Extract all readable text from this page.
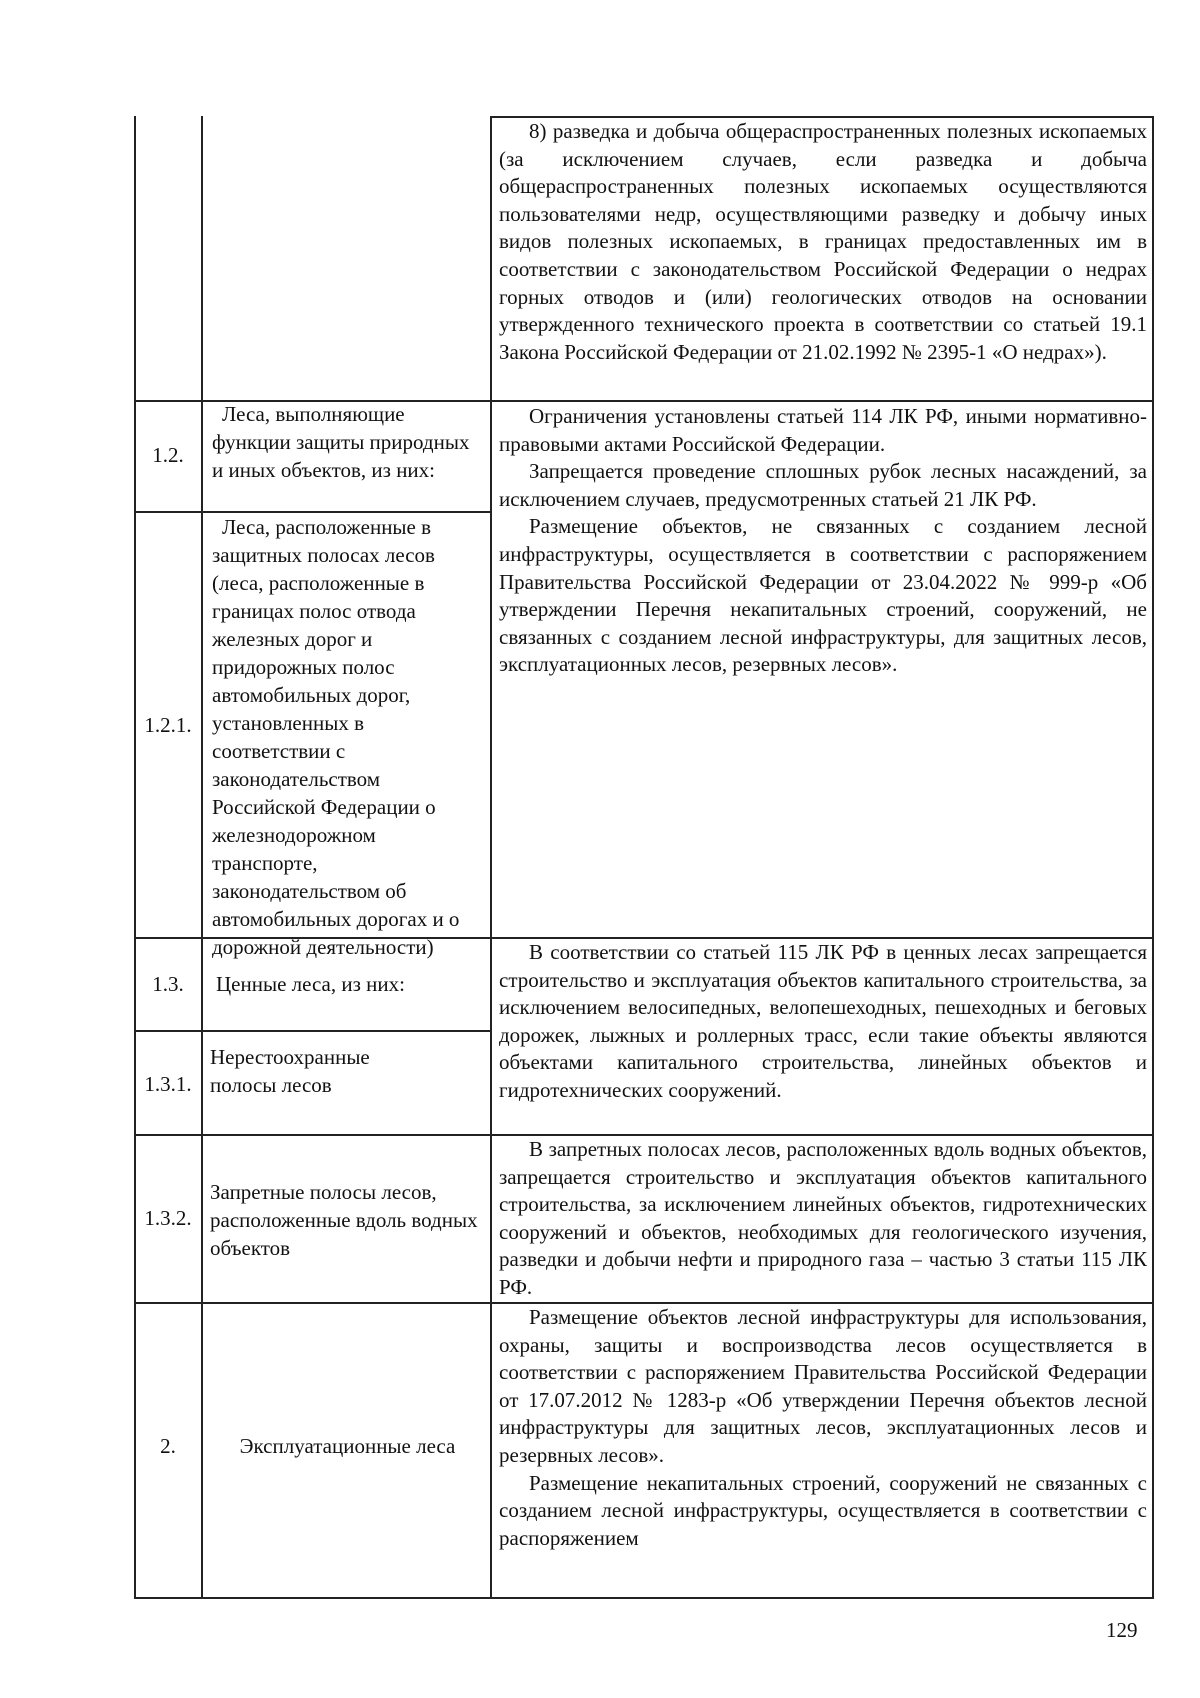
8) разведка и добыча общераспространенных полезных ископаемых (за исключением случаев, если разведка и добыча общераспространенных полезных ископаемых осуществляются пользователями недр, осуществляющими разведку и добычу иных видов полезных ископаемых, в границах предоставленных им в соответствии с законодательством Российской Федерации о недрах горных отводов и (или) геологических отводов на основании утвержденного технического проекта в соответствии со статьей 19.1 Закона Российской Федерации от 21.02.1992 № 2395-1 «О недрах»).

1.2.
Леса, выполняющие функции защиты природных и иных объектов, из них:
1.2.1.
Леса, расположенные в защитных полосах лесов (леса, расположенные в границах полос отвода железных дорог и придорожных полос автомобильных дорог, установленных в соответствии с законодательством Российской Федерации о железнодорожном транспорте, законодательством об автомобильных дорогах и о дорожной деятельности)

Ограничения установлены статьей 114 ЛК РФ, иными нормативно-правовыми актами Российской Федерации.

Запрещается проведение сплошных рубок лесных насаждений, за исключением случаев, предусмотренных статьей 21 ЛК РФ.

Размещение объектов, не связанных с созданием лесной инфраструктуры, осуществляется в соответствии с распоряжением Правительства Российской Федерации от 23.04.2022 № 999-р «Об утверждении Перечня некапитальных строений, сооружений, не связанных с созданием лесной инфраструктуры, для защитных лесов, эксплуатационных лесов, резервных лесов».

1.3.	Ценные леса, из них:
1.3.1.
Нерестоохранные полосы лесов

В соответствии со статьей 115 ЛК РФ в ценных лесах запрещается строительство и эксплуатация объектов капитального строительства, за исключением велосипедных, велопешеходных, пешеходных и беговых дорожек, лыжных и роллерных трасс, если такие объекты являются объектами капитального строительства, линейных объектов и гидротехнических сооружений.

1.3.2.
Запретные полосы лесов, расположенные вдоль водных объектов

В запретных полосах лесов, расположенных вдоль водных объектов, запрещается строительство и эксплуатация объектов капитального строительства, за исключением линейных объектов, гидротехнических сооружений и объектов, необходимых для геологического изучения, разведки и добычи нефти и природного газа – частью 3 статьи 115 ЛК РФ.

2.	Эксплуатационные леса

Размещение объектов лесной инфраструктуры для использования, охраны, защиты и воспроизводства лесов осуществляется в соответствии с распоряжением Правительства Российской Федерации от 17.07.2012 № 1283-р «Об утверждении Перечня объектов лесной инфраструктуры для защитных лесов, эксплуатационных лесов и резервных лесов».

Размещение некапитальных строений, сооружений не связанных с созданием лесной инфраструктуры, осуществляется в соответствии с распоряжением

129
